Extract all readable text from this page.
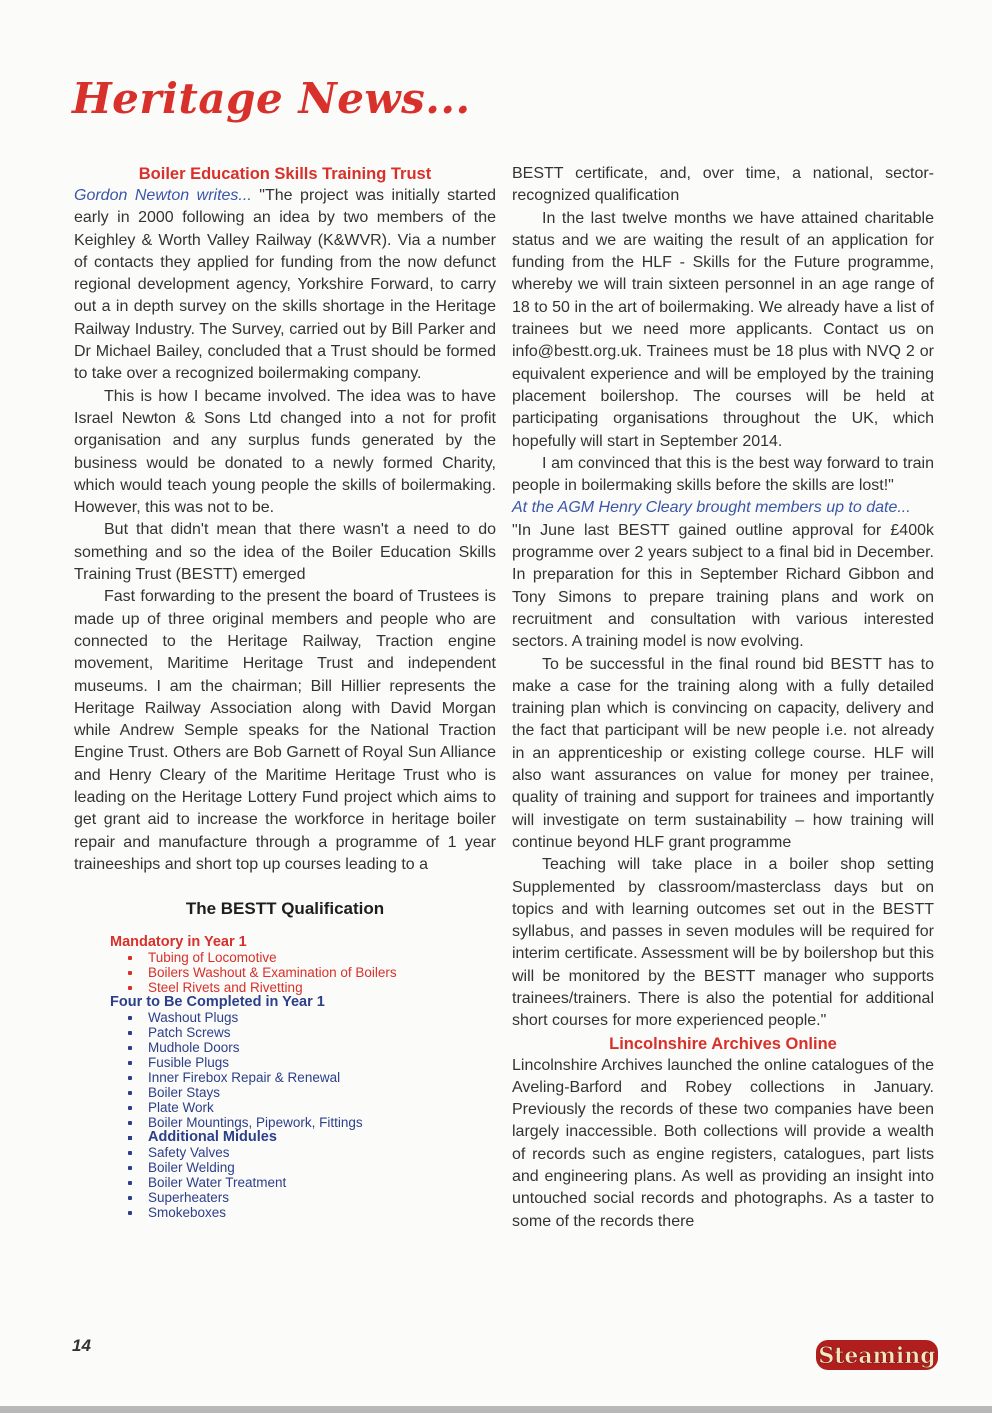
Heritage News...
Boiler Education Skills Training Trust

Gordon Newton writes... "The project was initially started early in 2000 following an idea by two members of the Keighley & Worth Valley Railway (K&WVR). Via a number of contacts they applied for funding from the now defunct regional development agency, Yorkshire Forward, to carry out a in depth survey on the skills shortage in the Heritage Railway Industry. The Survey, carried out by Bill Parker and Dr Michael Bailey, concluded that a Trust should be formed to take over a recognized boilermaking company.

This is how I became involved. The idea was to have Israel Newton & Sons Ltd changed into a not for profit organisation and any surplus funds generated by the business would be donated to a newly formed Charity, which would teach young people the skills of boilermaking. However, this was not to be.

But that didn't mean that there wasn't a need to do something and so the idea of the Boiler Education Skills Training Trust (BESTT) emerged

Fast forwarding to the present the board of Trustees is made up of three original members and people who are connected to the Heritage Railway, Traction engine movement, Maritime Heritage Trust and independent museums. I am the chairman; Bill Hillier represents the Heritage Railway Association along with David Morgan while Andrew Semple speaks for the National Traction Engine Trust. Others are Bob Garnett of Royal Sun Alliance and Henry Cleary of the Maritime Heritage Trust who is leading on the Heritage Lottery Fund project which aims to get grant aid to increase the workforce in heritage boiler repair and manufacture through a programme of 1 year traineeships and short top up courses leading to a

The BESTT Qualification
Mandatory in Year 1
Tubing of Locomotive
Boilers Washout & Examination of Boilers
Steel Rivets and Rivetting
Four to Be Completed in Year 1
Washout Plugs
Patch Screws
Mudhole Doors
Fusible Plugs
Inner Firebox Repair & Renewal
Boiler Stays
Plate Work
Boiler Mountings, Pipework, Fittings
Additional Midules
Safety Valves
Boiler Welding
Boiler Water Treatment
Superheaters
Smokeboxes

BESTT certificate, and, over time, a national, sector-recognized qualification

In the last twelve months we have attained charitable status and we are waiting the result of an application for funding from the HLF - Skills for the Future programme, whereby we will train sixteen personnel in an age range of 18 to 50 in the art of boilermaking. We already have a list of trainees but we need more applicants. Contact us on info@bestt.org.uk. Trainees must be 18 plus with NVQ 2 or equivalent experience and will be employed by the training placement boilershop. The courses will be held at participating organisations throughout the UK, which hopefully will start in September 2014.

I am convinced that this is the best way forward to train people in boilermaking skills before the skills are lost!"

At the AGM Henry Cleary brought members up to date...

"In June last BESTT gained outline approval for £400k programme over 2 years subject to a final bid in December. In preparation for this in September Richard Gibbon and Tony Simons to prepare training plans and work on recruitment and consultation with various interested sectors. A training model is now evolving.

To be successful in the final round bid BESTT has to make a case for the training along with a fully detailed training plan which is convincing on capacity, delivery and the fact that participant will be new people i.e. not already in an apprenticeship or existing college course. HLF will also want assurances on value for money per trainee, quality of training and support for trainees and importantly will investigate on term sustainability – how training will continue beyond HLF grant programme

Teaching will take place in a boiler shop setting Supplemented by classroom/masterclass days but on topics and with learning outcomes set out in the BESTT syllabus, and passes in seven modules will be required for interim certificate. Assessment will be by boilershop but this will be monitored by the BESTT manager who supports trainees/trainers. There is also the potential for additional short courses for more experienced people."

Lincolnshire Archives Online

Lincolnshire Archives launched the online catalogues of the Aveling-Barford and Robey collections in January. Previously the records of these two companies have been largely inaccessible. Both collections will provide a wealth of records such as engine registers, catalogues, part lists and engineering plans. As well as providing an insight into untouched social records and photographs. As a taster to some of the records there

14	Steaming
